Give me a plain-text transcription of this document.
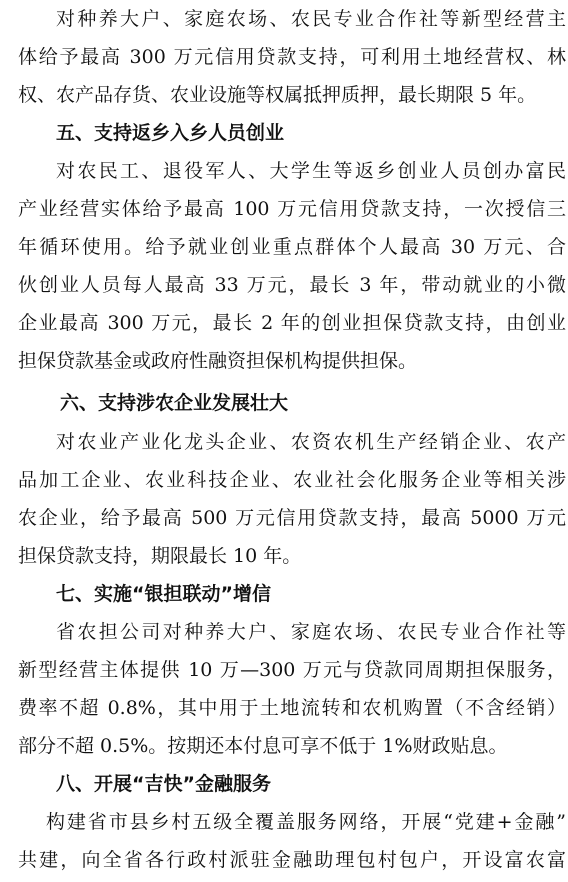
对种养大户、家庭农场、农民专业合作社等新型经营主
体给予最高 300 万元信用贷款支持，可利用土地经营权、林
权、农产品存货、农业设施等权属抵押质押，最长期限 5 年。
五、支持返乡入乡人员创业
对农民工、退役军人、大学生等返乡创业人员创办富民
产业经营实体给予最高 100 万元信用贷款支持，一次授信三
年循环使用。给予就业创业重点群体个人最高 30 万元、合
伙创业人员每人最高 33 万元，最长 3 年，带动就业的小微
企业最高 300 万元，最长 2 年的创业担保贷款支持，由创业
担保贷款基金或政府性融资担保机构提供担保。
六、支持涉农企业发展壮大
对农业产业化龙头企业、农资农机生产经销企业、农产
品加工企业、农业科技企业、农业社会化服务企业等相关涉
农企业，给予最高 500 万元信用贷款支持，最高 5000 万元
担保贷款支持，期限最长 10 年。
七、实施“银担联动”增信
省农担公司对种养大户、家庭农场、农民专业合作社等
新型经营主体提供 10 万—300 万元与贷款同周期担保服务，
费率不超 0.8%，其中用于土地流转和农机购置（不含经销）
部分不超 0.5%。按期还本付息可享不低于 1%财政贴息。
八、开展“吉快”金融服务
构建省市县乡村五级全覆盖服务网络，开展“党建+金融”
共建，向全省各行政村派驻金融助理包村包户，开设富农富
